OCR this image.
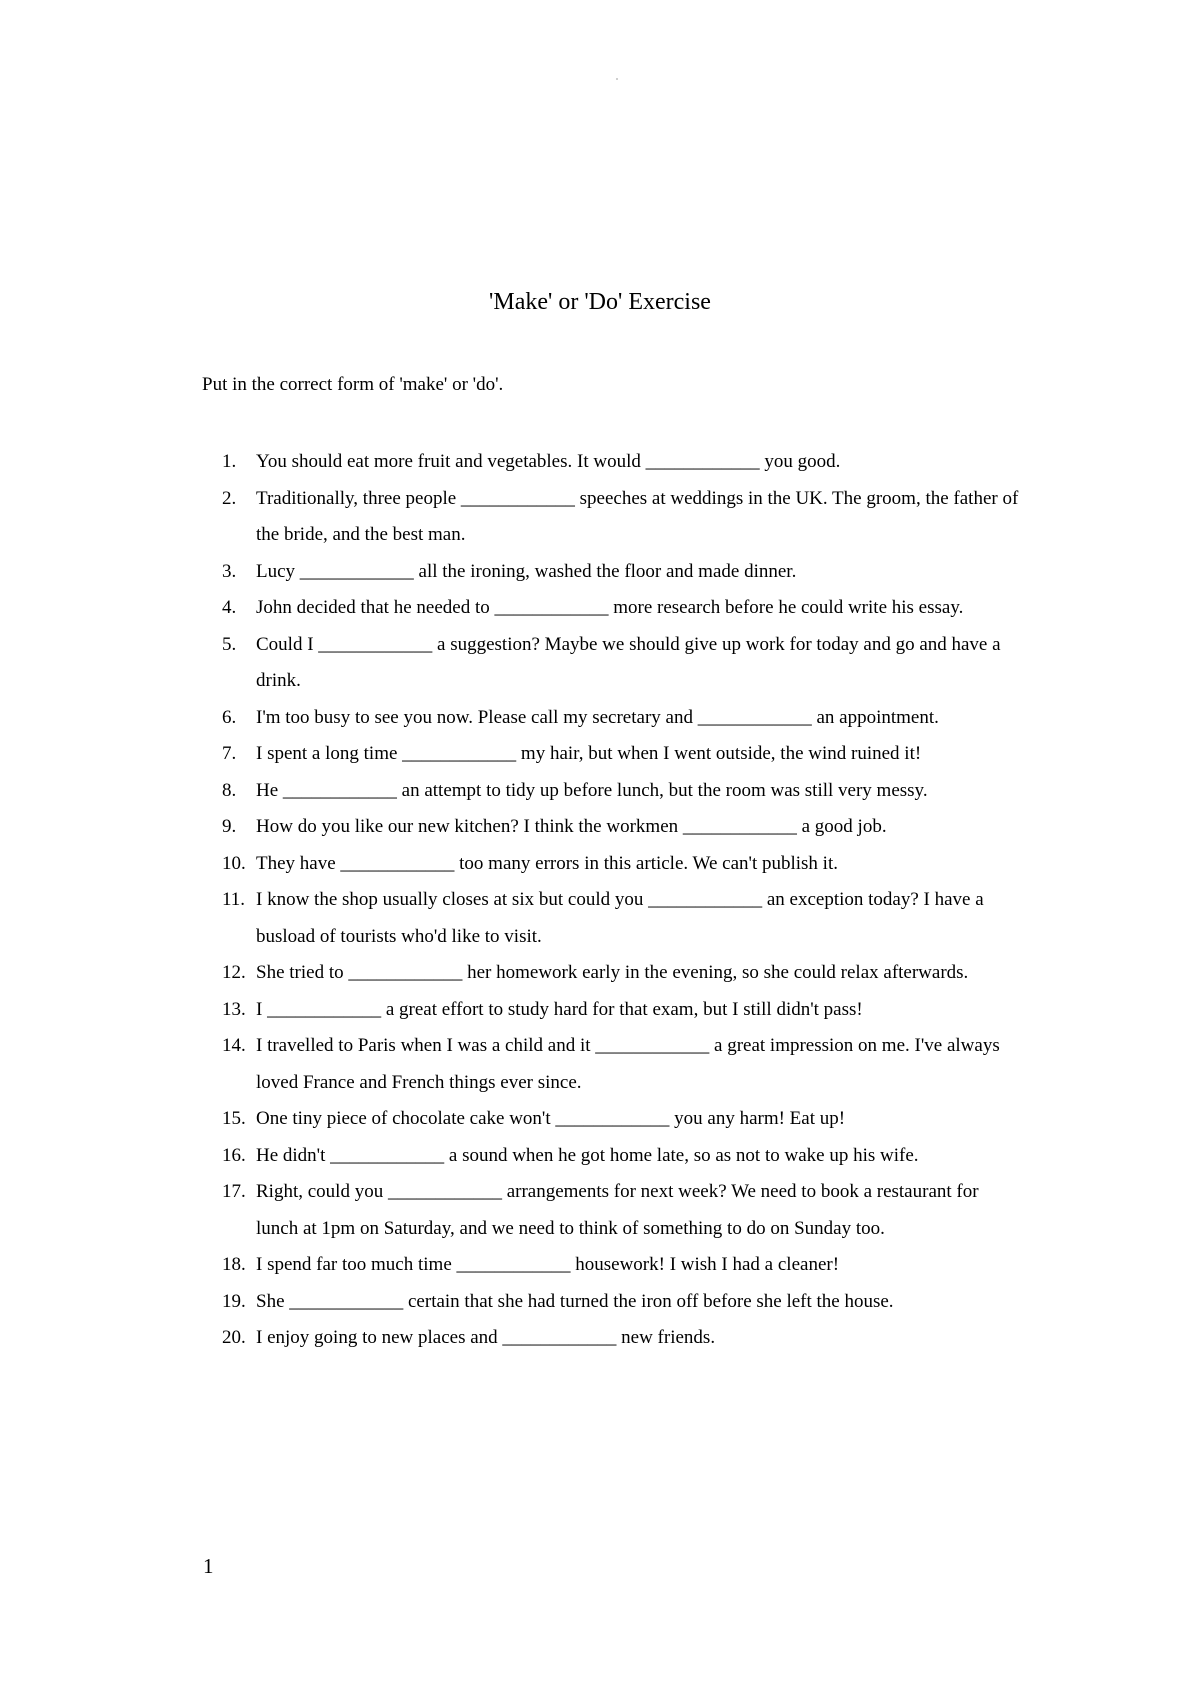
'Make' or 'Do' Exercise

Put in the correct form of 'make' or 'do'.

1. You should eat more fruit and vegetables. It would ____________ you good.
2. Traditionally, three people ____________ speeches at weddings in the UK. The groom, the father of the bride, and the best man.
3. Lucy ____________ all the ironing, washed the floor and made dinner.
4. John decided that he needed to ____________ more research before he could write his essay.
5. Could I ____________ a suggestion? Maybe we should give up work for today and go and have a drink.
6. I'm too busy to see you now. Please call my secretary and ____________ an appointment.
7. I spent a long time ____________ my hair, but when I went outside, the wind ruined it!
8. He ____________ an attempt to tidy up before lunch, but the room was still very messy.
9. How do you like our new kitchen? I think the workmen ____________ a good job.
10. They have ____________ too many errors in this article. We can't publish it.
11. I know the shop usually closes at six but could you ____________ an exception today? I have a busload of tourists who'd like to visit.
12. She tried to ____________ her homework early in the evening, so she could relax afterwards.
13. I ____________ a great effort to study hard for that exam, but I still didn't pass!
14. I travelled to Paris when I was a child and it ____________ a great impression on me. I've always loved France and French things ever since.
15. One tiny piece of chocolate cake won't ____________ you any harm! Eat up!
16. He didn't ____________ a sound when he got home late, so as not to wake up his wife.
17. Right, could you ____________ arrangements for next week? We need to book a restaurant for lunch at 1pm on Saturday, and we need to think of something to do on Sunday too.
18. I spend far too much time ____________ housework! I wish I had a cleaner!
19. She ____________ certain that she had turned the iron off before she left the house.
20. I enjoy going to new places and ____________ new friends.
1
